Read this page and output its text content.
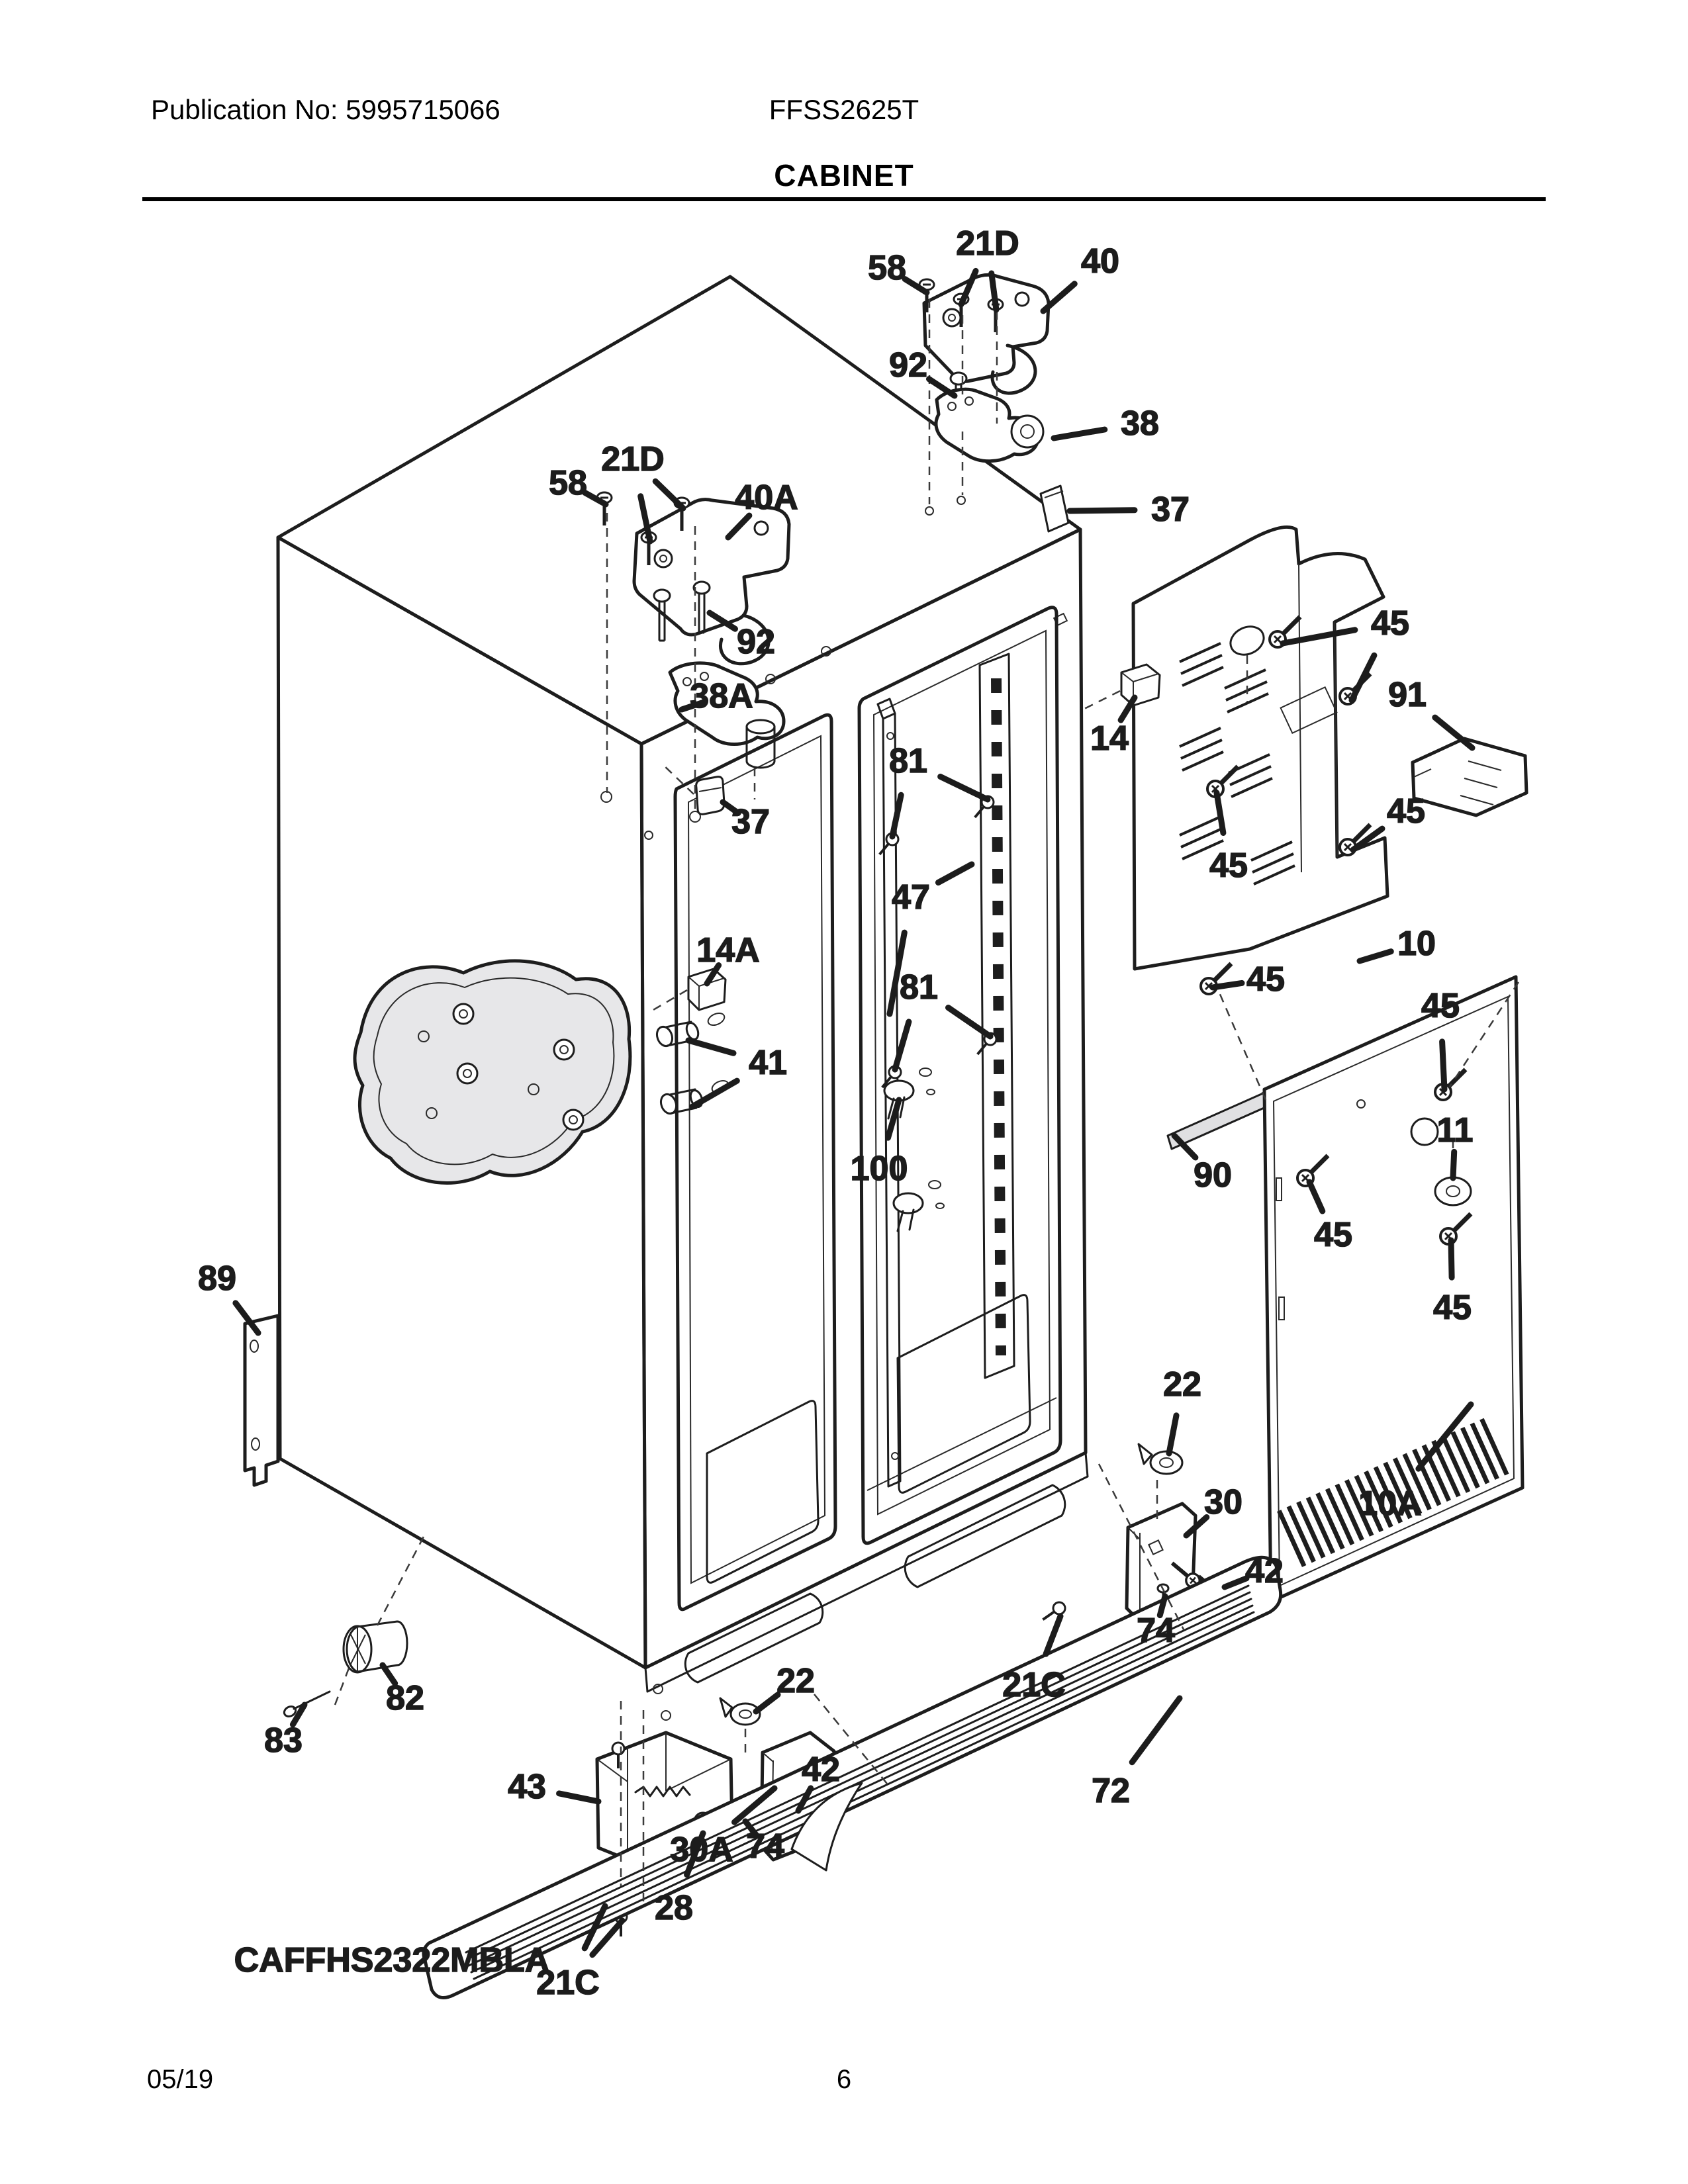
Publication No: 5995715066	FFSS2625T
CABINET
58
21D 40
92
38
37
58
21D
40A
92
38A
37
45
91
14
45
81
47
14A
81
41
100
10
45
45
45
11
90
45
45
89
22
30	10A
42
74
21C
72
22
82
83
43	42
30A 74
28
21C
CAFFHS2322MBLA
05/19	6
